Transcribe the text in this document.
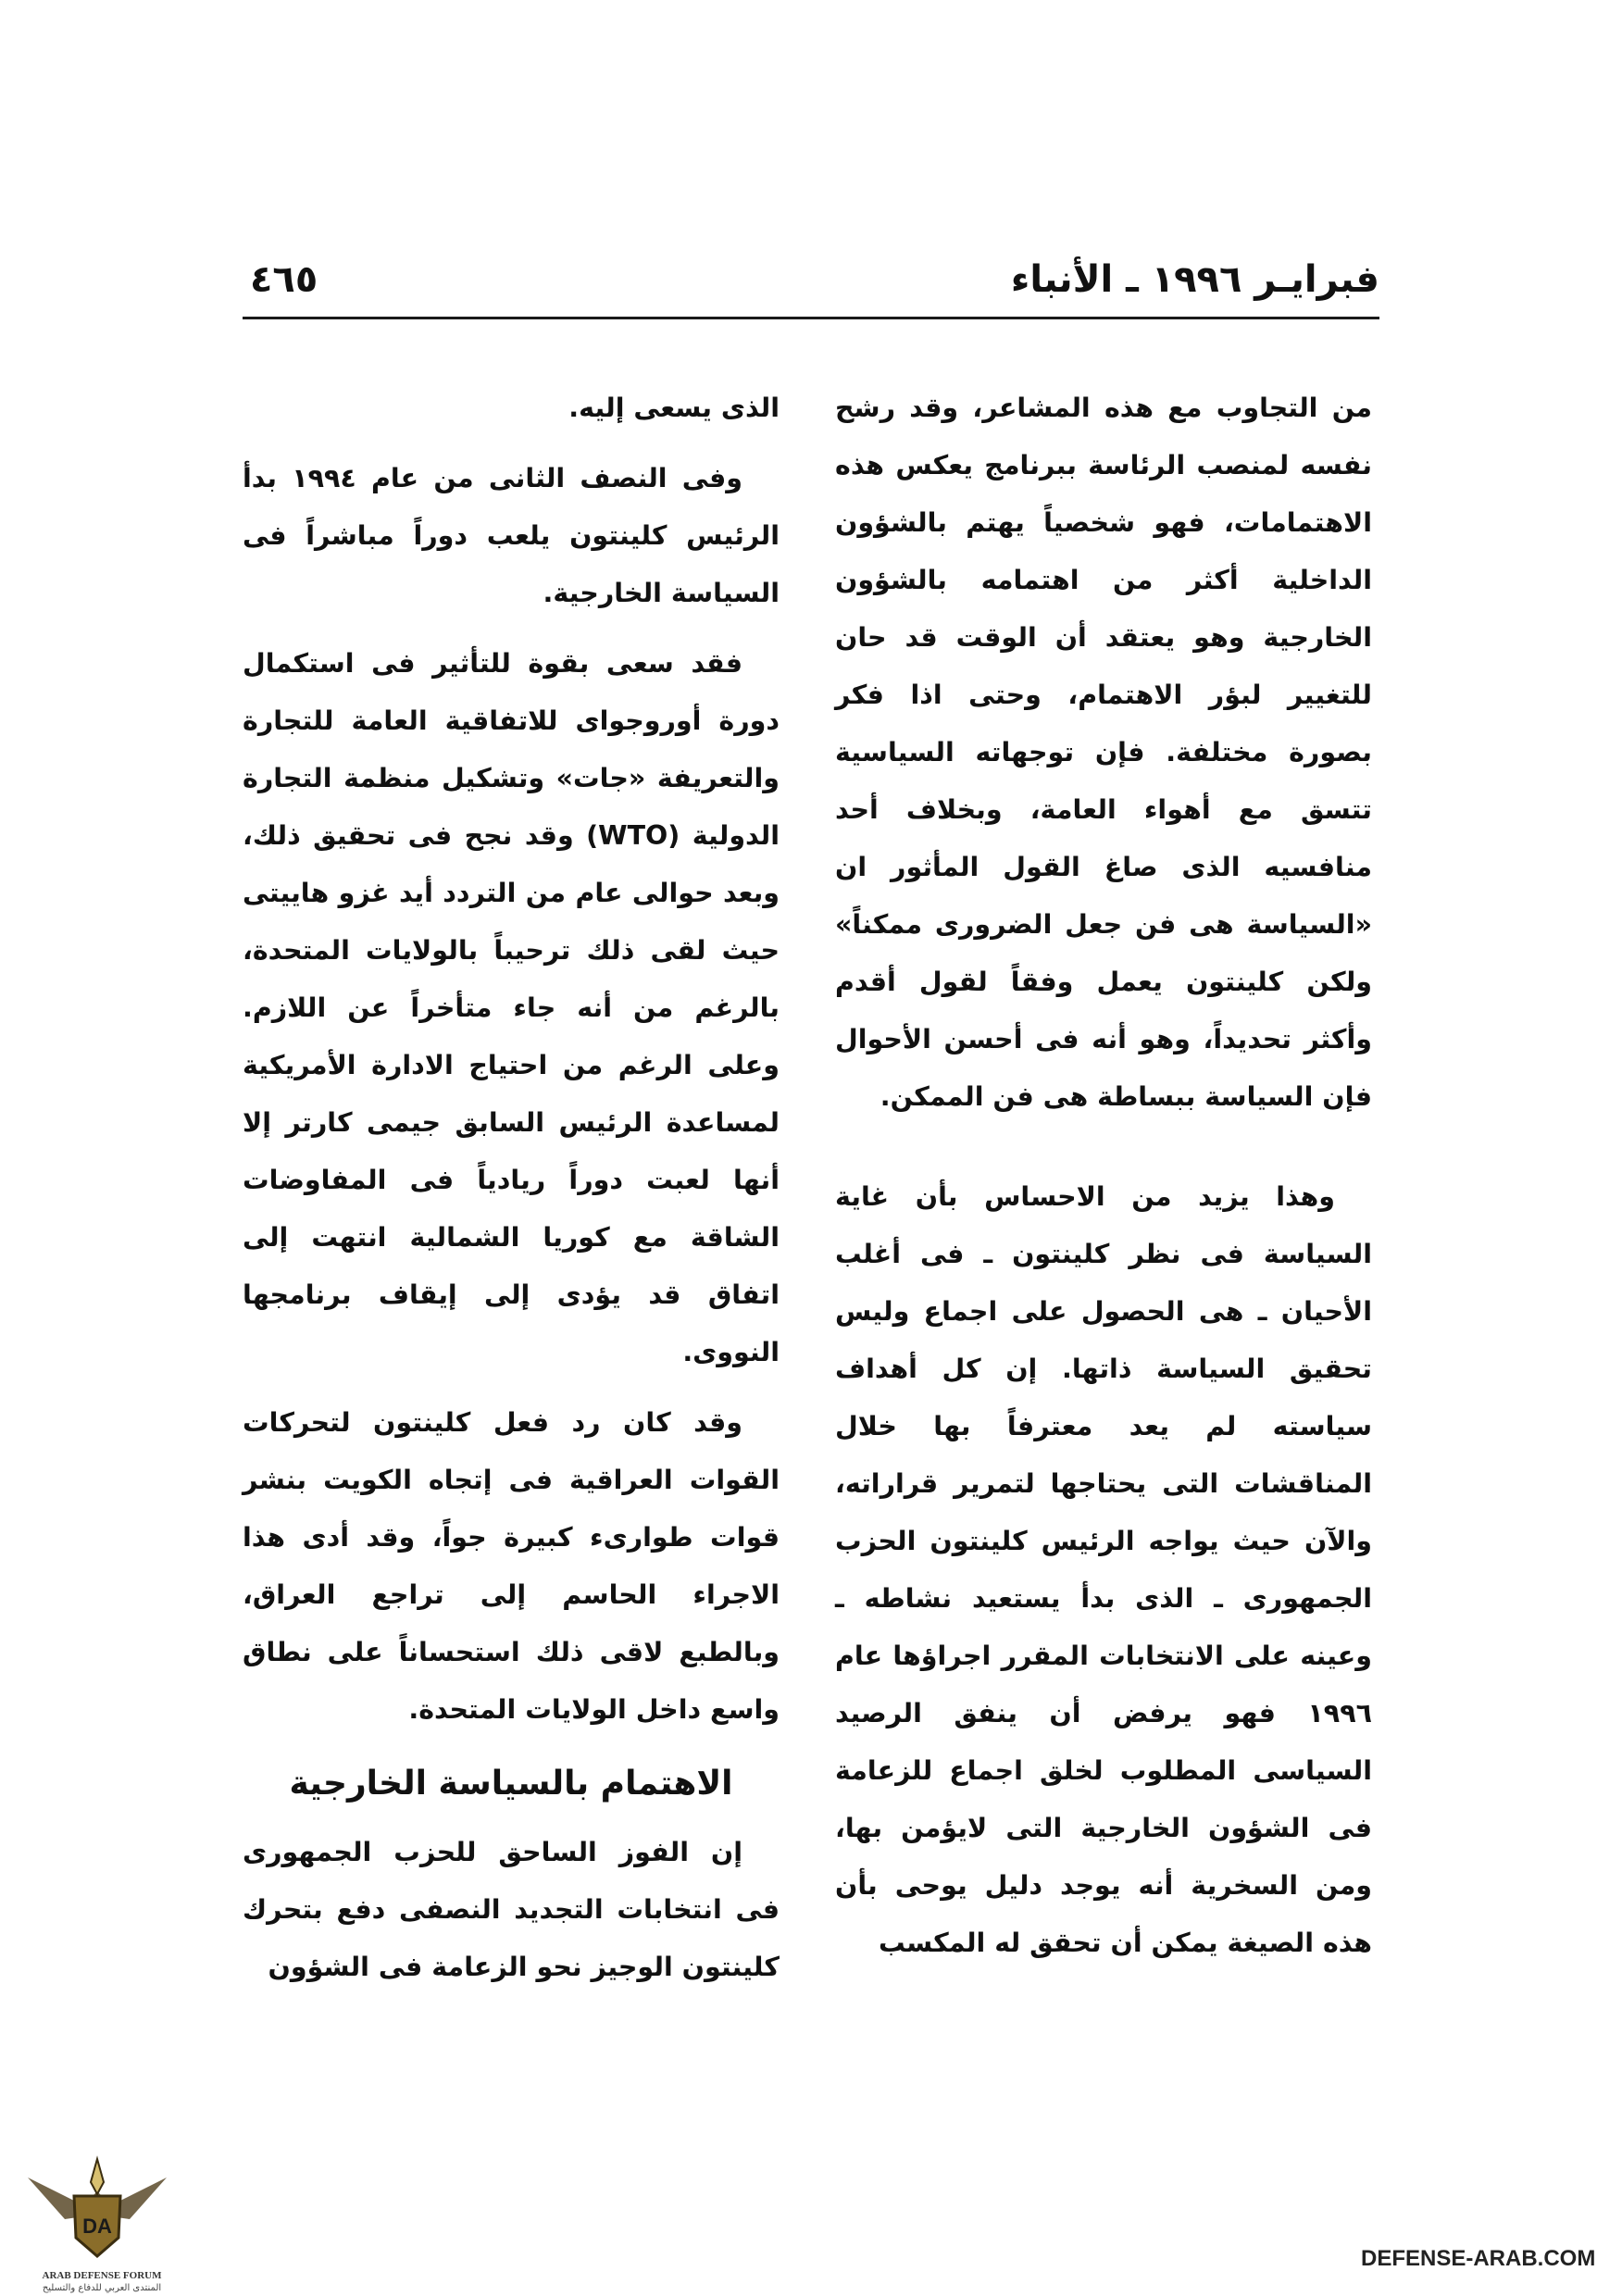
فبرايـر ١٩٩٦ ـ الأنباء
٤٦٥

من التجاوب مع هذه المشاعر، وقد رشح نفسه لمنصب الرئاسة ببرنامج يعكس هذه الاهتمامات، فهو شخصياً يهتم بالشؤون الداخلية أكثر من اهتمامه بالشؤون الخارجية وهو يعتقد أن الوقت قد حان للتغيير لبؤر الاهتمام، وحتى اذا فكر بصورة مختلفة. فإن توجهاته السياسية تتسق مع أهواء العامة، وبخلاف أحد منافسيه الذى صاغ القول المأثور ان «السياسة هى فن جعل الضرورى ممكناً» ولكن كلينتون يعمل وفقاً لقول أقدم وأكثر تحديداً، وهو أنه فى أحسن الأحوال فإن السياسة ببساطة هى فن الممكن.

وهذا يزيد من الاحساس بأن غاية السياسة فى نظر كلينتون ـ فى أغلب الأحيان ـ هى الحصول على اجماع وليس تحقيق السياسة ذاتها. إن كل أهداف سياسته لم يعد معترفاً بها خلال المناقشات التى يحتاجها لتمرير قراراته، والآن حيث يواجه الرئيس كلينتون الحزب الجمهورى ـ الذى بدأ يستعيد نشاطه ـ وعينه على الانتخابات المقرر اجراؤها عام ١٩٩٦ فهو يرفض أن ينفق الرصيد السياسى المطلوب لخلق اجماع للزعامة فى الشؤون الخارجية التى لايؤمن بها، ومن السخرية أنه يوجد دليل يوحى بأن هذه الصيغة يمكن أن تحقق له المكسب

الذى يسعى إليه.

وفى النصف الثانى من عام ١٩٩٤ بدأ الرئيس كلينتون يلعب دوراً مباشراً فى السياسة الخارجية.

فقد سعى بقوة للتأثير فى استكمال دورة أوروجواى للاتفاقية العامة للتجارة والتعريفة «جات» وتشكيل منظمة التجارة الدولية (WTO) وقد نجح فى تحقيق ذلك، وبعد حوالى عام من التردد أيد غزو هاييتى حيث لقى ذلك ترحيباً بالولايات المتحدة، بالرغم من أنه جاء متأخراً عن اللازم. وعلى الرغم من احتياج الادارة الأمريكية لمساعدة الرئيس السابق جيمى كارتر إلا أنها لعبت دوراً ريادياً فى المفاوضات الشاقة مع كوريا الشمالية انتهت إلى اتفاق قد يؤدى إلى إيقاف برنامجها النووى.

وقد كان رد فعل كلينتون لتحركات القوات العراقية فى إتجاه الكويت بنشر قوات طوارىء كبيرة جواً، وقد أدى هذا الاجراء الحاسم إلى تراجع العراق، وبالطبع لاقى ذلك استحساناً على نطاق واسع داخل الولايات المتحدة.

الاهتمام بالسياسة الخارجية

إن الفوز الساحق للحزب الجمهورى فى انتخابات التجديد النصفى دفع بتحرك كلينتون الوجيز نحو الزعامة فى الشؤون

DA
ARAB DEFENSE FORUM
المنتدى العربي للدفاع والتسليح
DEFENSE-ARAB.COM
